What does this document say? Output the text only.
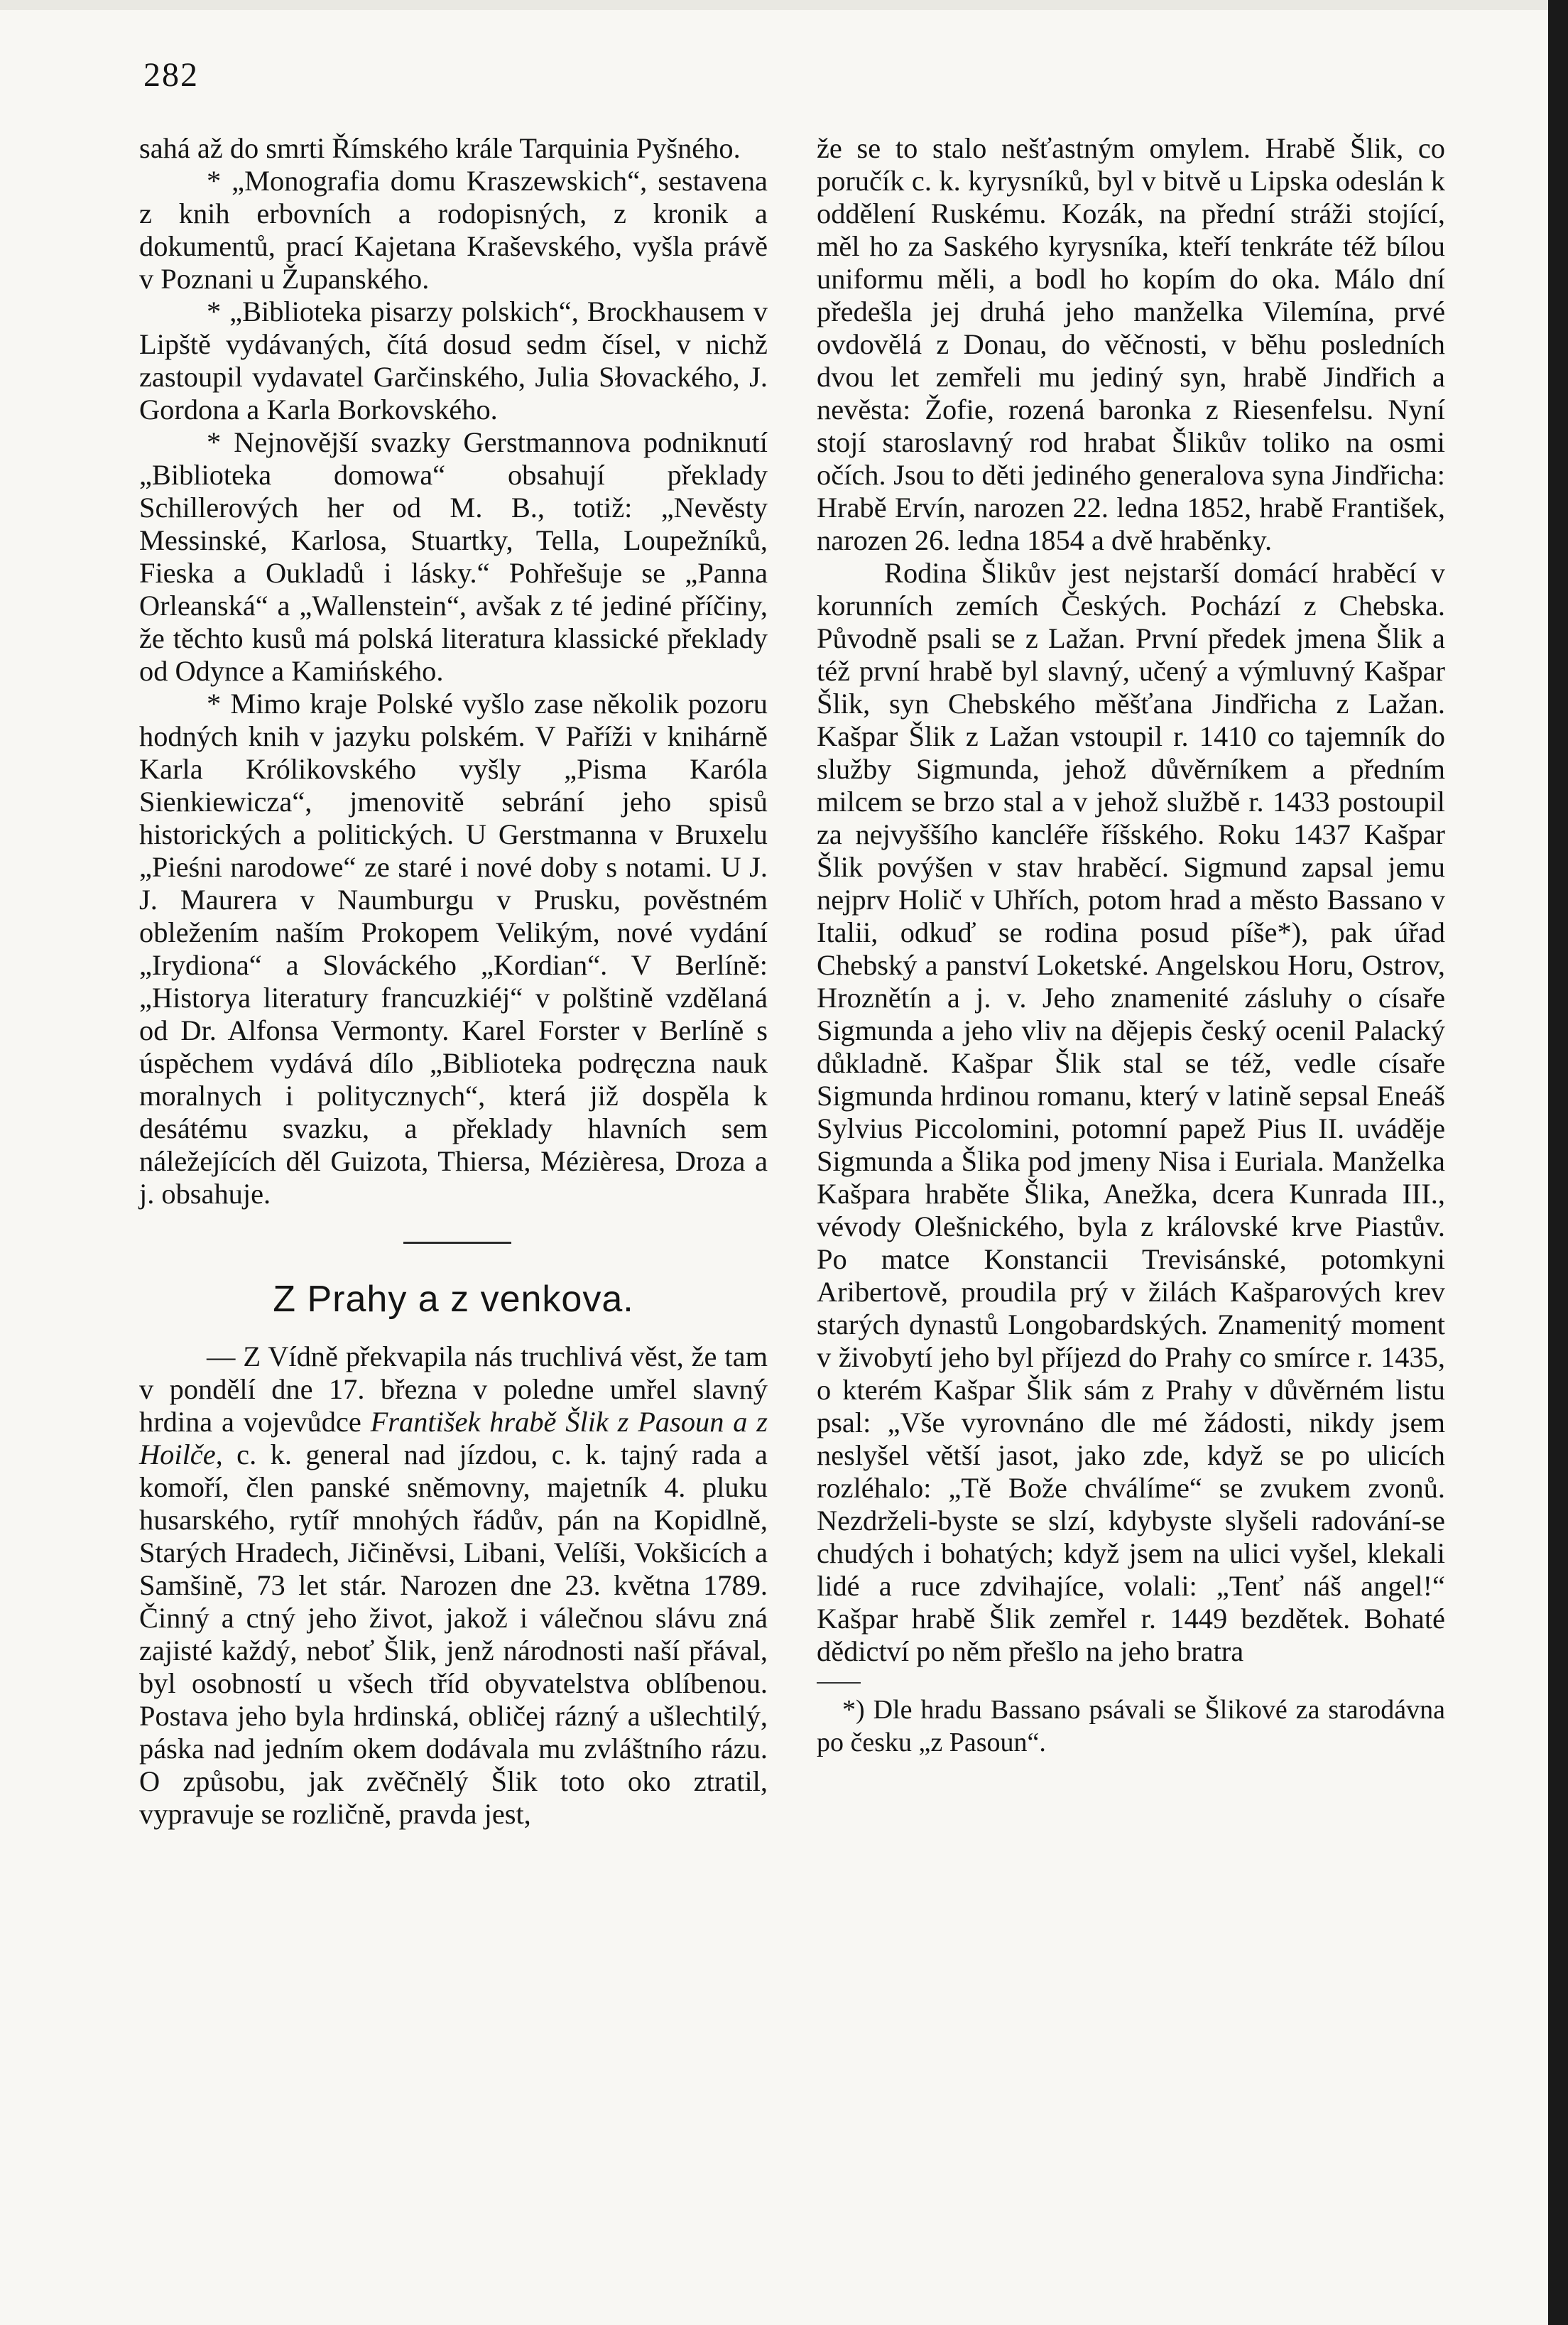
282

sahá až do smrti Římského krále Tarquinia Pyšného.

* „Monografia domu Kraszewskich“, sestavena z knih erbovních a rodopisných, z kronik a dokumentů, prací Kajetana Kraševského, vyšla právě v Poznani u Županského.

* „Biblioteka pisarzy polskich“, Brockhausem v Lipště vydávaných, čítá dosud sedm čísel, v nichž zastoupil vydavatel Garčinského, Julia Słovackého, J. Gordona a Karla Borkovského.

* Nejnovější svazky Gerstmannova podniknutí „Biblioteka domowa“ obsahují překlady Schillerových her od M. B., totiž: „Nevěsty Messinské, Karlosa, Stuartky, Tella, Loupežníků, Fieska a Oukladů i lásky.“ Pohřešuje se „Panna Orleanská“ a „Wallenstein“, avšak z té jediné příčiny, že těchto kusů má polská literatura klassické překlady od Odynce a Kamińského.

* Mimo kraje Polské vyšlo zase několik pozoru hodných knih v jazyku polském. V Paříži v knihárně Karla Królikovského vyšly „Pisma Karóla Sienkiewicza“, jmenovitě sebrání jeho spisů historických a politických. U Gerstmanna v Bruxelu „Pieśni narodowe“ ze staré i nové doby s notami. U J. J. Maurera v Naumburgu v Prusku, pověstném obležením naším Prokopem Velikým, nové vydání „Irydiona“ a Slováckého „Kordian“. V Berlíně: „Historya literatury francuzkiéj“ v polštině vzdělaná od Dr. Alfonsa Vermonty. Karel Forster v Berlíně s úspěchem vydává dílo „Biblioteka podręczna nauk moralnych i politycznych“, která již dospěla k desátému svazku, a překlady hlavních sem náležejících děl Guizota, Thiersa, Mézièresa, Droza a j. obsahuje.

Z Prahy a z venkova.

— Z Vídně překvapila nás truchlivá věst, že tam v pondělí dne 17. března v poledne umřel slavný hrdina a vojevůdce František hrabě Šlik z Pasoun a z Hoilče, c. k. general nad jízdou, c. k. tajný rada a komoří, člen panské sněmovny, majetník 4. pluku husarského, rytíř mnohých řádův, pán na Kopidlně, Starých Hradech, Jičiněvsi, Libani, Velíši, Vokšicích a Samšině, 73 let stár. Narozen dne 23. května 1789. Činný a ctný jeho život, jakož i válečnou slávu zná zajisté každý, neboť Šlik, jenž národnosti naší přával, byl osobností u všech tříd obyvatelstva oblíbenou. Postava jeho byla hrdinská, obličej rázný a ušlechtilý, páska nad jedním okem dodávala mu zvláštního rázu. O způsobu, jak zvěčnělý Šlik toto oko ztratil, vypravuje se rozličně, pravda jest,

že se to stalo nešťastným omylem. Hrabě Šlik, co poručík c. k. kyrysníků, byl v bitvě u Lipska odeslán k oddělení Ruskému. Kozák, na přední stráži stojící, měl ho za Saského kyrysníka, kteří tenkráte též bílou uniformu měli, a bodl ho kopím do oka. Málo dní předešla jej druhá jeho manželka Vilemína, prvé ovdovělá z Donau, do věčnosti, v běhu posledních dvou let zemřeli mu jediný syn, hrabě Jindřich a nevěsta: Žofie, rozená baronka z Riesenfelsu. Nyní stojí staroslavný rod hrabat Šlikův toliko na osmi očích. Jsou to děti jediného generalova syna Jindřicha: Hrabě Ervín, narozen 22. ledna 1852, hrabě František, narozen 26. ledna 1854 a dvě hraběnky.

Rodina Šlikův jest nejstarší domácí hraběcí v korunních zemích Českých. Pochází z Chebska. Původně psali se z Lažan. První předek jmena Šlik a též první hrabě byl slavný, učený a výmluvný Kašpar Šlik, syn Chebského měšťana Jindřicha z Lažan. Kašpar Šlik z Lažan vstoupil r. 1410 co tajemník do služby Sigmunda, jehož důvěrníkem a předním milcem se brzo stal a v jehož službě r. 1433 postoupil za nejvyššího kancléře říšského. Roku 1437 Kašpar Šlik povýšen v stav hraběcí. Sigmund zapsal jemu nejprv Holič v Uhřích, potom hrad a město Bassano v Italii, odkuď se rodina posud píše*), pak úřad Chebský a panství Loketské. Angelskou Horu, Ostrov, Hroznětín a j. v. Jeho znamenité zásluhy o císaře Sigmunda a jeho vliv na dějepis český ocenil Palacký důkladně. Kašpar Šlik stal se též, vedle císaře Sigmunda hrdinou romanu, který v latině sepsal Eneáš Sylvius Piccolomini, potomní papež Pius II. uváděje Sigmunda a Šlika pod jmeny Nisa i Euriala. Manželka Kašpara hraběte Šlika, Anežka, dcera Kunrada III., vévody Olešnického, byla z královské krve Piastův. Po matce Konstancii Trevisánské, potomkyni Aribertově, proudila prý v žilách Kašparových krev starých dynastů Longobardských. Znamenitý moment v živobytí jeho byl příjezd do Prahy co smírce r. 1435, o kterém Kašpar Šlik sám z Prahy v důvěrném listu psal: „Vše vyrovnáno dle mé žádosti, nikdy jsem neslyšel větší jasot, jako zde, když se po ulicích rozléhalo: „Tě Bože chválíme“ se zvukem zvonů. Nezdrželi-byste se slzí, kdybyste slyšeli radování-se chudých i bohatých; když jsem na ulici vyšel, klekali lidé a ruce zdvihajíce, volali: „Tenť náš angel!“ Kašpar hrabě Šlik zemřel r. 1449 bezdětek. Bohaté dědictví po něm přešlo na jeho bratra

*) Dle hradu Bassano psávali se Šlikové za starodávna po česku „z Pasoun“.
